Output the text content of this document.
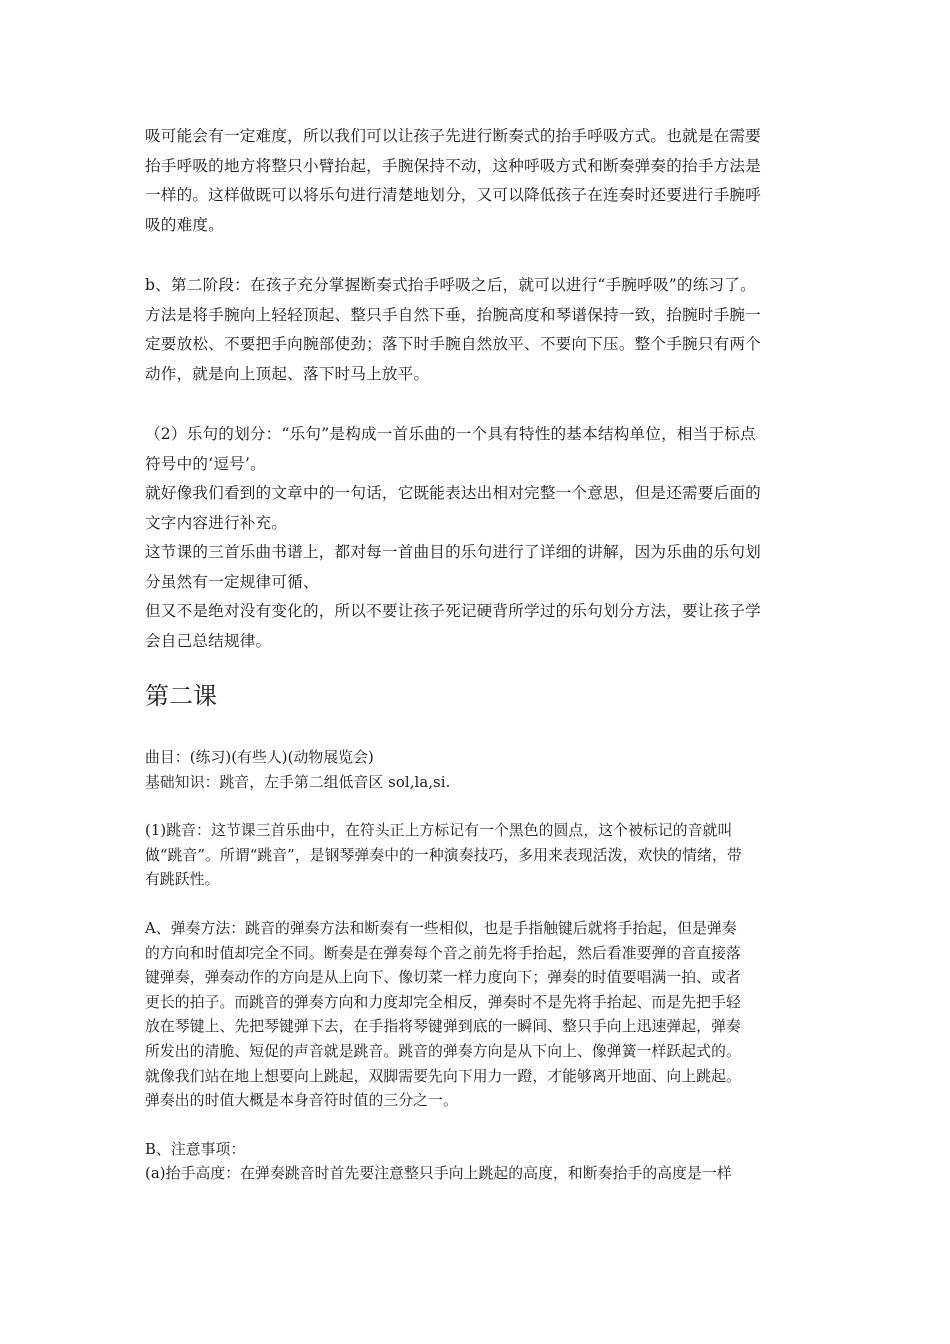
吸可能会有一定难度，所以我们可以让孩子先进行断奏式的抬手呼吸方式。也就是在需要

抬手呼吸的地方将整只小臂抬起，手腕保持不动，这种呼吸方式和断奏弹奏的抬手方法是

一样的。这样做既可以将乐句进行清楚地划分，又可以降低孩子在连奏时还要进行手腕呼

吸的难度。

b、第二阶段：在孩子充分掌握断奏式抬手呼吸之后，就可以进行“手腕呼吸”的练习了。

方法是将手腕向上轻轻顶起、整只手自然下垂，抬腕高度和琴谱保持一致，抬腕时手腕一

定要放松、不要把手向腕部使劲；落下时手腕自然放平、不要向下压。整个手腕只有两个

动作，就是向上顶起、落下时马上放平。

（2）乐句的划分：“乐句”是构成一首乐曲的一个具有特性的基本结构单位，相当于标点

符号中的‘逗号’。

就好像我们看到的文章中的一句话，它既能表达出相对完整一个意思，但是还需要后面的

文字内容进行补充。

这节课的三首乐曲书谱上，都对每一首曲目的乐句进行了详细的讲解，因为乐曲的乐句划

分虽然有一定规律可循、

但又不是绝对没有变化的，所以不要让孩子死记硬背所学过的乐句划分方法，要让孩子学

会自己总结规律。

第二课

曲目：(练习)(有些人)(动物展览会)

基础知识：跳音，左手第二组低音区 sol,la,si.

(1)跳音：这节课三首乐曲中，在符头正上方标记有一个黑色的圆点，这个被标记的音就叫

做“跳音”。所谓“跳音”，是钢琴弹奏中的一种演奏技巧，多用来表现活泼，欢快的情绪，带

有跳跃性。

A、弹奏方法：跳音的弹奏方法和断奏有一些相似，也是手指触键后就将手抬起，但是弹奏

的方向和时值却完全不同。断奏是在弹奏每个音之前先将手抬起，然后看准要弹的音直接落

键弹奏，弹奏动作的方向是从上向下、像切菜一样力度向下；弹奏的时值要唱满一拍、或者

更长的拍子。而跳音的弹奏方向和力度却完全相反，弹奏时不是先将手抬起、而是先把手轻

放在琴键上、先把琴键弹下去，在手指将琴键弹到底的一瞬间、整只手向上迅速弹起，弹奏

所发出的清脆、短促的声音就是跳音。跳音的弹奏方向是从下向上、像弹簧一样跃起式的。

就像我们站在地上想要向上跳起，双脚需要先向下用力一蹬，才能够离开地面、向上跳起。

弹奏出的时值大概是本身音符时值的三分之一。

B、注意事项：

(a)抬手高度：在弹奏跳音时首先要注意整只手向上跳起的高度，和断奏抬手的高度是一样
